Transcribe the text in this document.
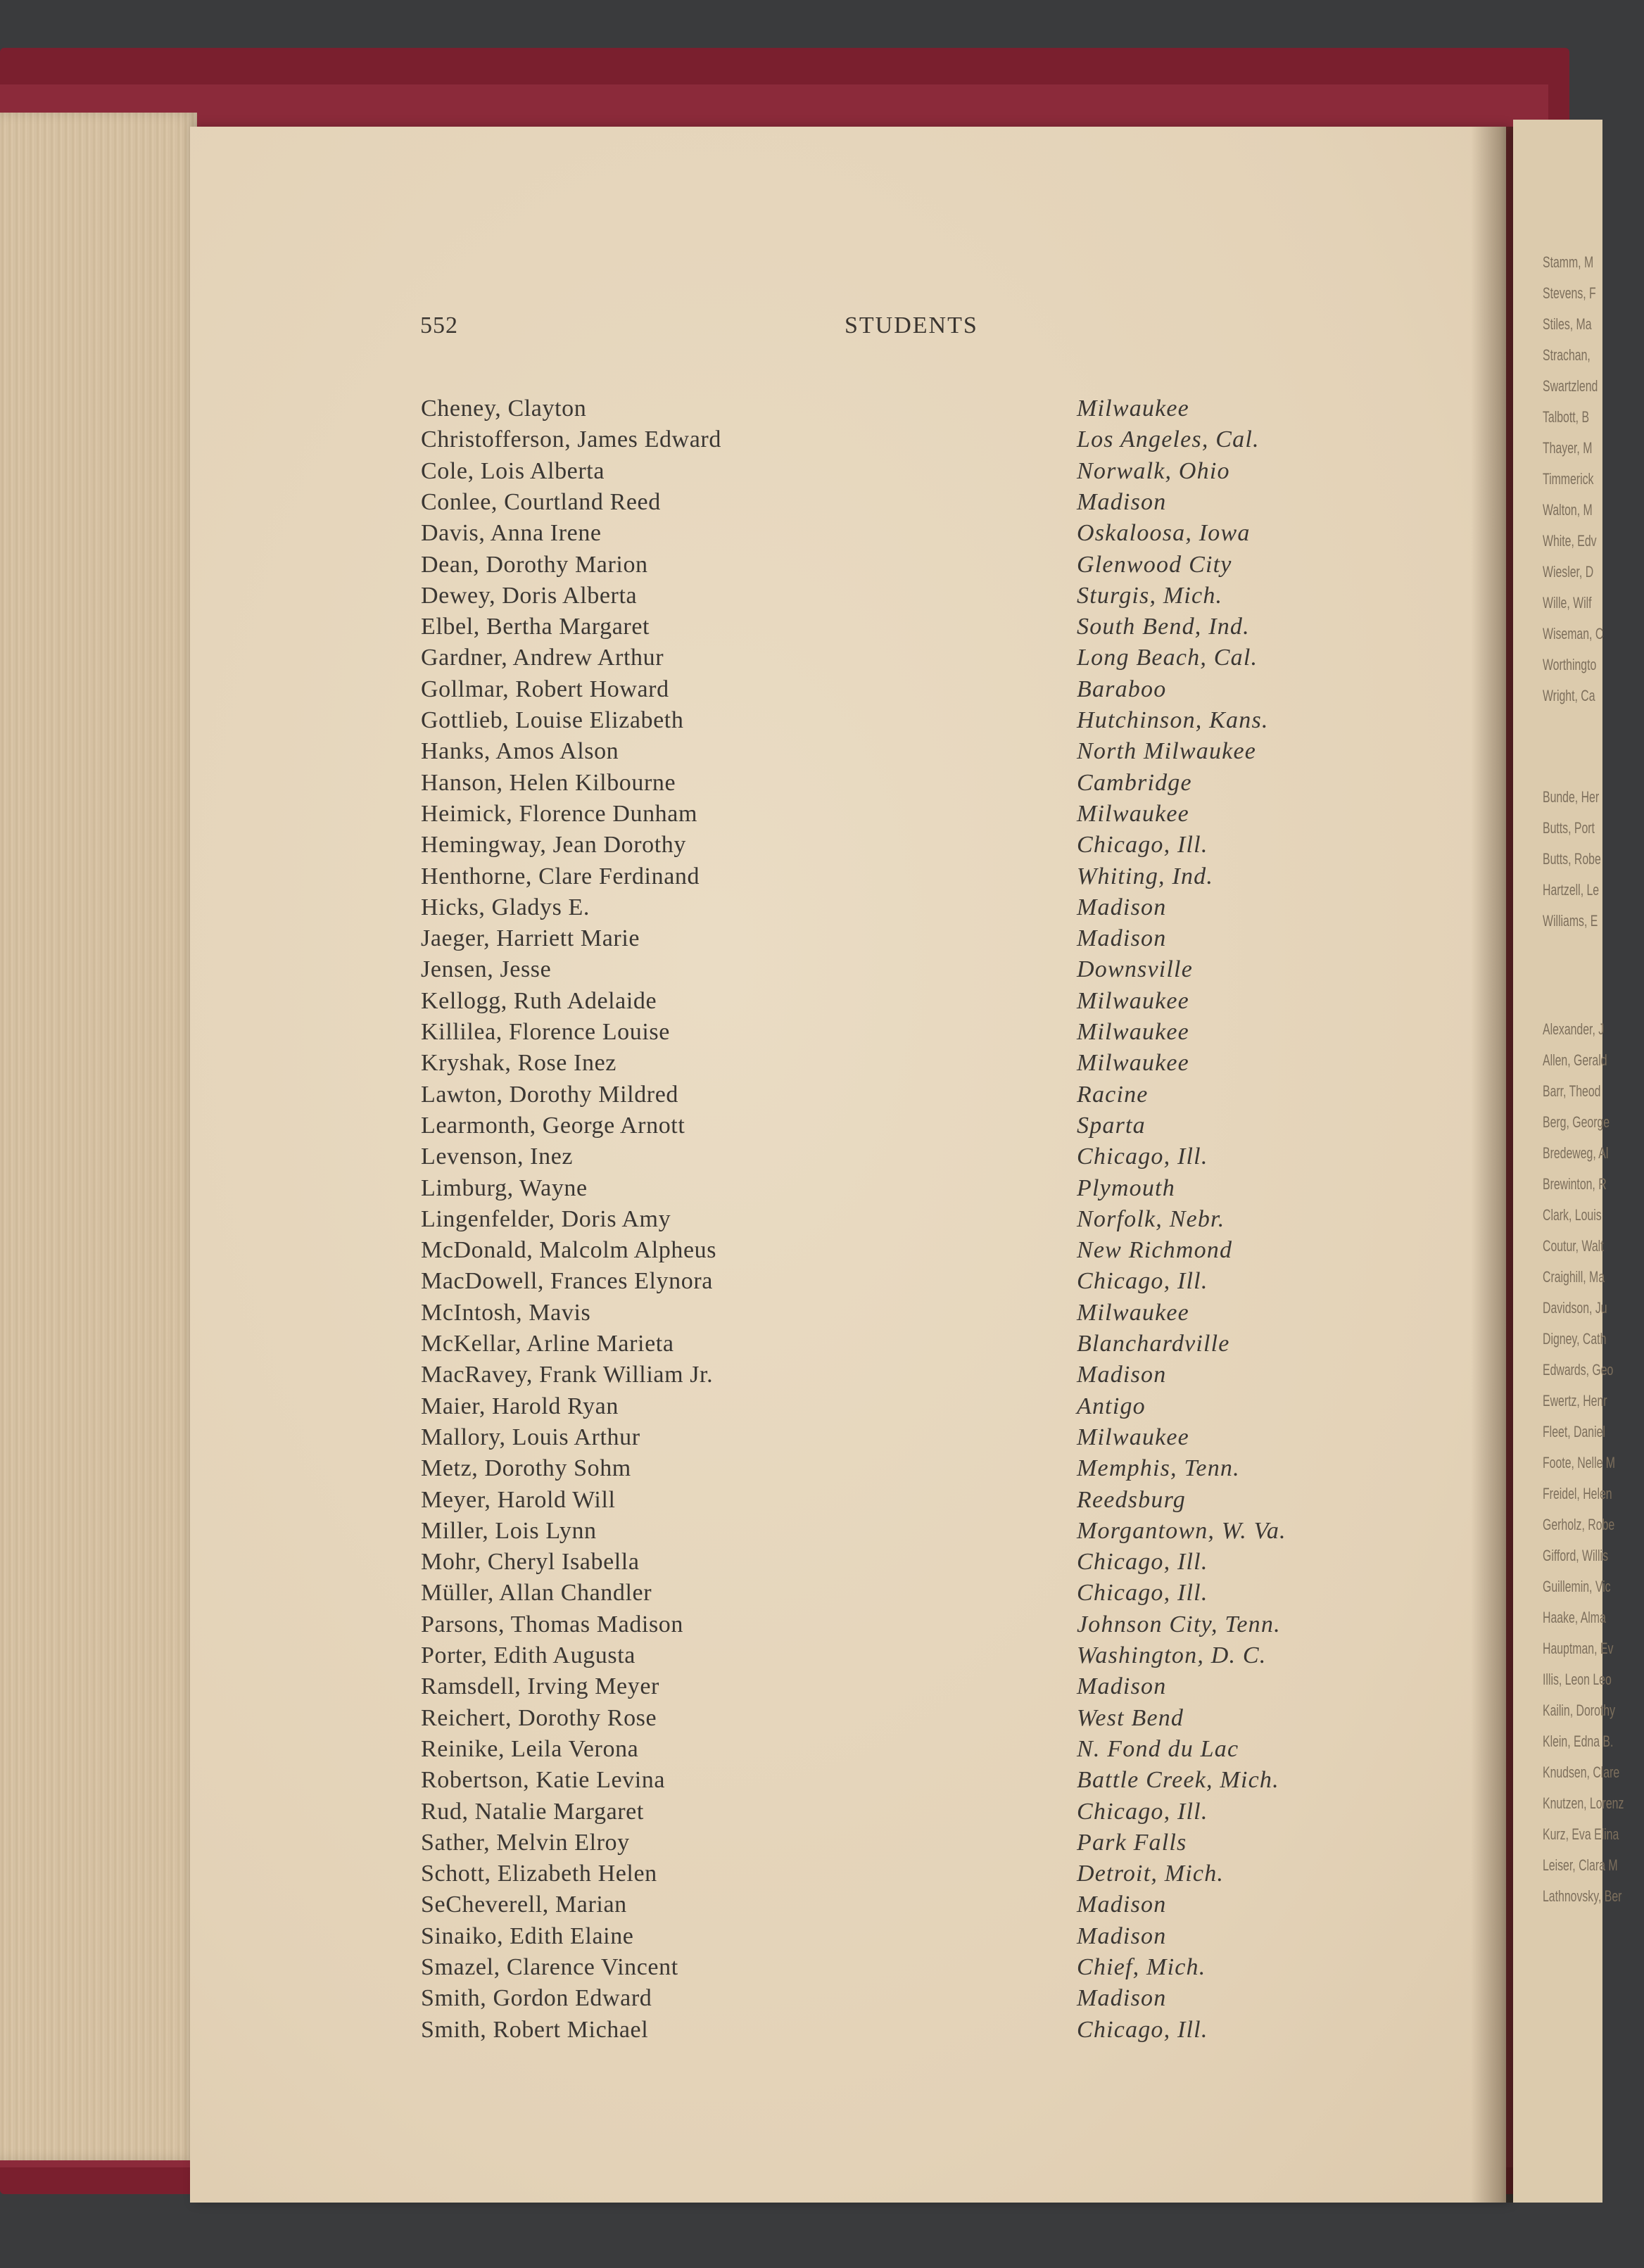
Stamm, M
Stevens, F
Stiles, Ma
Strachan,
Swartzlend
Talbott, B
Thayer, M
Timmerick
Walton, M
White, Edv
Wiesler, D
Wille, Wilf
Wiseman, C
Worthingto
Wright, Ca
Bunde, Her
Butts, Port
Butts, Robe
Hartzell, Le
Williams, E
Alexander, J
Allen, Gerald
Barr, Theod
Berg, George
Bredeweg, Al
Brewinton, R
Clark, Louis
Coutur, Walt
Craighill, Ma
Davidson, Ju
Digney, Cath
Edwards, Geo
Ewertz, Henr
Fleet, Daniel
Foote, Nelle M
Freidel, Helen
Gerholz, Robe
Gifford, Willis
Guillemin, Vic
Haake, Alma
Hauptman, Ev
Illis, Leon Leo
Kailin, Dorothy
Klein, Edna B.
Knudsen, Clare
Knutzen, Lorenz
Kurz, Eva Elina
Leiser, Clara M
Lathnovsky, Ber
552	STUDENTS
Cheney, Clayton	Milwaukee
Christofferson, James Edward	Los Angeles, Cal.
Cole, Lois Alberta	Norwalk, Ohio
Conlee, Courtland Reed	Madison
Davis, Anna Irene	Oskaloosa, Iowa
Dean, Dorothy Marion	Glenwood City
Dewey, Doris Alberta	Sturgis, Mich.
Elbel, Bertha Margaret	South Bend, Ind.
Gardner, Andrew Arthur	Long Beach, Cal.
Gollmar, Robert Howard	Baraboo
Gottlieb, Louise Elizabeth	Hutchinson, Kans.
Hanks, Amos Alson	North Milwaukee
Hanson, Helen Kilbourne	Cambridge
Heimick, Florence Dunham	Milwaukee
Hemingway, Jean Dorothy	Chicago, Ill.
Henthorne, Clare Ferdinand	Whiting, Ind.
Hicks, Gladys E.	Madison
Jaeger, Harriett Marie	Madison
Jensen, Jesse	Downsville
Kellogg, Ruth Adelaide	Milwaukee
Killilea, Florence Louise	Milwaukee
Kryshak, Rose Inez	Milwaukee
Lawton, Dorothy Mildred	Racine
Learmonth, George Arnott	Sparta
Levenson, Inez	Chicago, Ill.
Limburg, Wayne	Plymouth
Lingenfelder, Doris Amy	Norfolk, Nebr.
McDonald, Malcolm Alpheus	New Richmond
MacDowell, Frances Elynora	Chicago, Ill.
McIntosh, Mavis	Milwaukee
McKellar, Arline Marieta	Blanchardville
MacRavey, Frank William Jr.	Madison
Maier, Harold Ryan	Antigo
Mallory, Louis Arthur	Milwaukee
Metz, Dorothy Sohm	Memphis, Tenn.
Meyer, Harold Will	Reedsburg
Miller, Lois Lynn	Morgantown, W. Va.
Mohr, Cheryl Isabella	Chicago, Ill.
Müller, Allan Chandler	Chicago, Ill.
Parsons, Thomas Madison	Johnson City, Tenn.
Porter, Edith Augusta	Washington, D. C.
Ramsdell, Irving Meyer	Madison
Reichert, Dorothy Rose	West Bend
Reinike, Leila Verona	N. Fond du Lac
Robertson, Katie Levina	Battle Creek, Mich.
Rud, Natalie Margaret	Chicago, Ill.
Sather, Melvin Elroy	Park Falls
Schott, Elizabeth Helen	Detroit, Mich.
SeCheverell, Marian	Madison
Sinaiko, Edith Elaine	Madison
Smazel, Clarence Vincent	Chief, Mich.
Smith, Gordon Edward	Madison
Smith, Robert Michael	Chicago, Ill.
